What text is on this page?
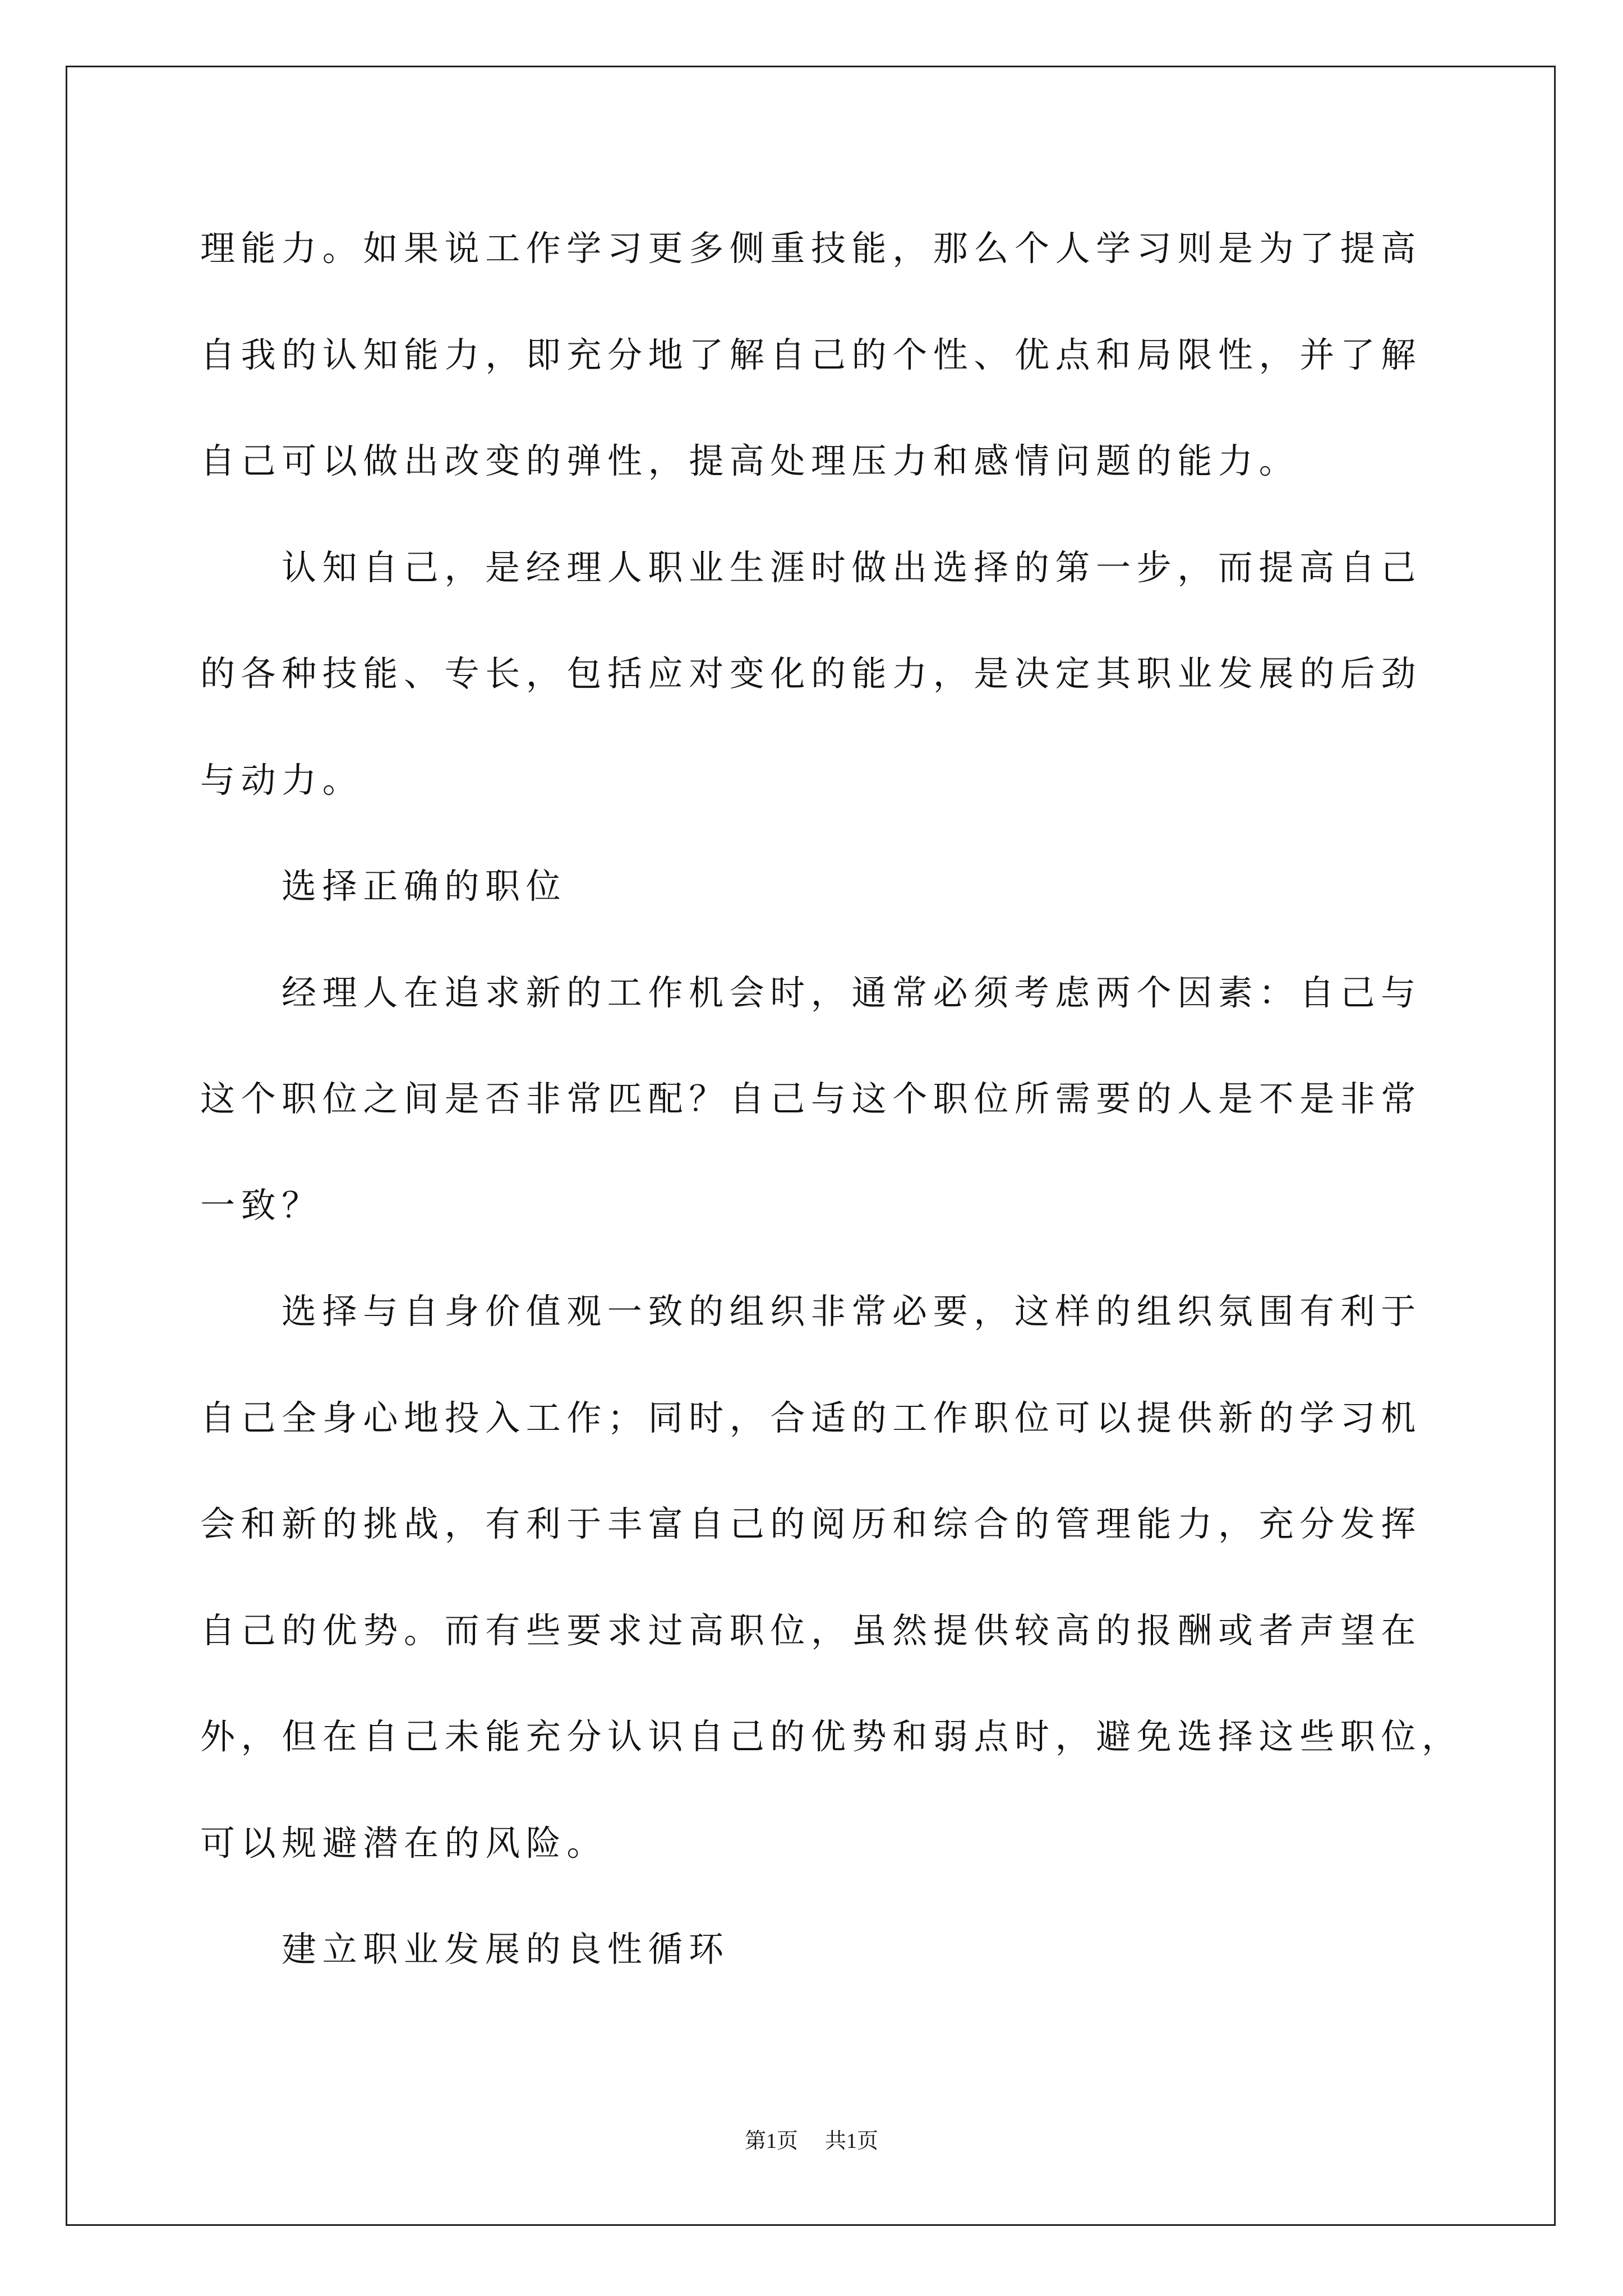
理能力。如果说工作学习更多侧重技能，那么个人学习则是为了提高
自我的认知能力，即充分地了解自己的个性、优点和局限性，并了解
自己可以做出改变的弹性，提高处理压力和感情问题的能力。
认知自己，是经理人职业生涯时做出选择的第一步，而提高自己
的各种技能、专长，包括应对变化的能力，是决定其职业发展的后劲
与动力。
选择正确的职位
经理人在追求新的工作机会时，通常必须考虑两个因素：自己与
这个职位之间是否非常匹配？自己与这个职位所需要的人是不是非常
一致？
选择与自身价值观一致的组织非常必要，这样的组织氛围有利于
自己全身心地投入工作；同时，合适的工作职位可以提供新的学习机
会和新的挑战，有利于丰富自己的阅历和综合的管理能力，充分发挥
自己的优势。而有些要求过高职位，虽然提供较高的报酬或者声望在
外，但在自己未能充分认识自己的优势和弱点时，避免选择这些职位，
可以规避潜在的风险。
建立职业发展的良性循环
第1页 共1页
